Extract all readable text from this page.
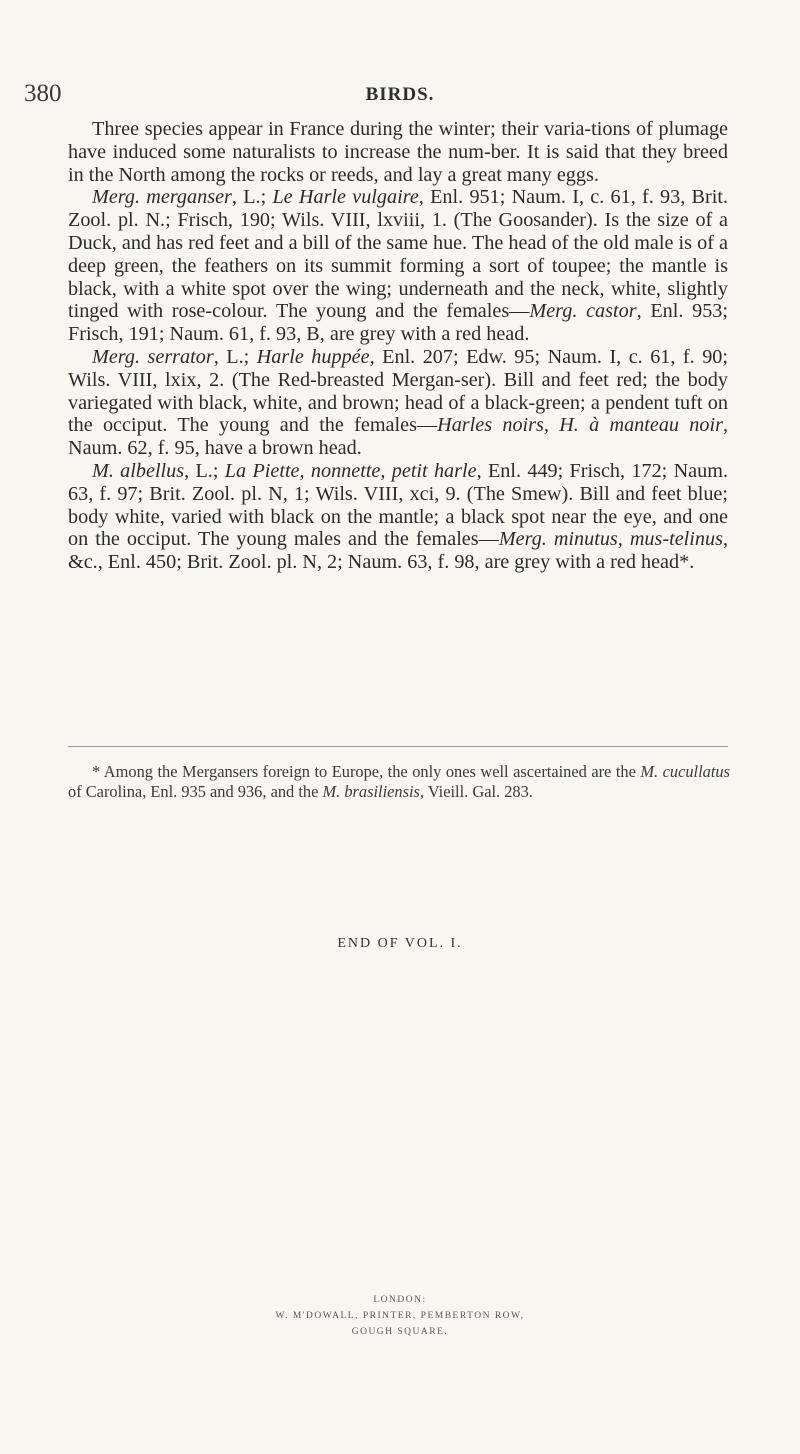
380	BIRDS.

Three species appear in France during the winter; their varia-tions of plumage have induced some naturalists to increase the num-ber. It is said that they breed in the North among the rocks or reeds, and lay a great many eggs.

Merg. merganser, L.; Le Harle vulgaire, Enl. 951; Naum. I, c. 61, f. 93, Brit. Zool. pl. N.; Frisch, 190; Wils. VIII, lxviii, 1. (The Goosander). Is the size of a Duck, and has red feet and a bill of the same hue. The head of the old male is of a deep green, the feathers on its summit forming a sort of toupee; the mantle is black, with a white spot over the wing; underneath and the neck, white, slightly tinged with rose-colour. The young and the females—Merg. castor, Enl. 953; Frisch, 191; Naum. 61, f. 93, B, are grey with a red head.

Merg. serrator, L.; Harle huppée, Enl. 207; Edw. 95; Naum. I, c. 61, f. 90; Wils. VIII, lxix, 2. (The Red-breasted Mergan-ser). Bill and feet red; the body variegated with black, white, and brown; head of a black-green; a pendent tuft on the occiput. The young and the females—Harles noirs, H. à manteau noir, Naum. 62, f. 95, have a brown head.

M. albellus, L.; La Piette, nonnette, petit harle, Enl. 449; Frisch, 172; Naum. 63, f. 97; Brit. Zool. pl. N, 1; Wils. VIII, xci, 9. (The Smew). Bill and feet blue; body white, varied with black on the mantle; a black spot near the eye, and one on the occiput. The young males and the females—Merg. minutus, mus-telinus, &c., Enl. 450; Brit. Zool. pl. N, 2; Naum. 63, f. 98, are grey with a red head*.

* Among the Mergansers foreign to Europe, the only ones well ascertained are the M. cucullatus of Carolina, Enl. 935 and 936, and the M. brasiliensis, Vieill. Gal. 283.

END OF VOL. I.
LONDON:
W. M'DOWALL, PRINTER, PEMBERTON ROW,
GOUGH SQUARE.
